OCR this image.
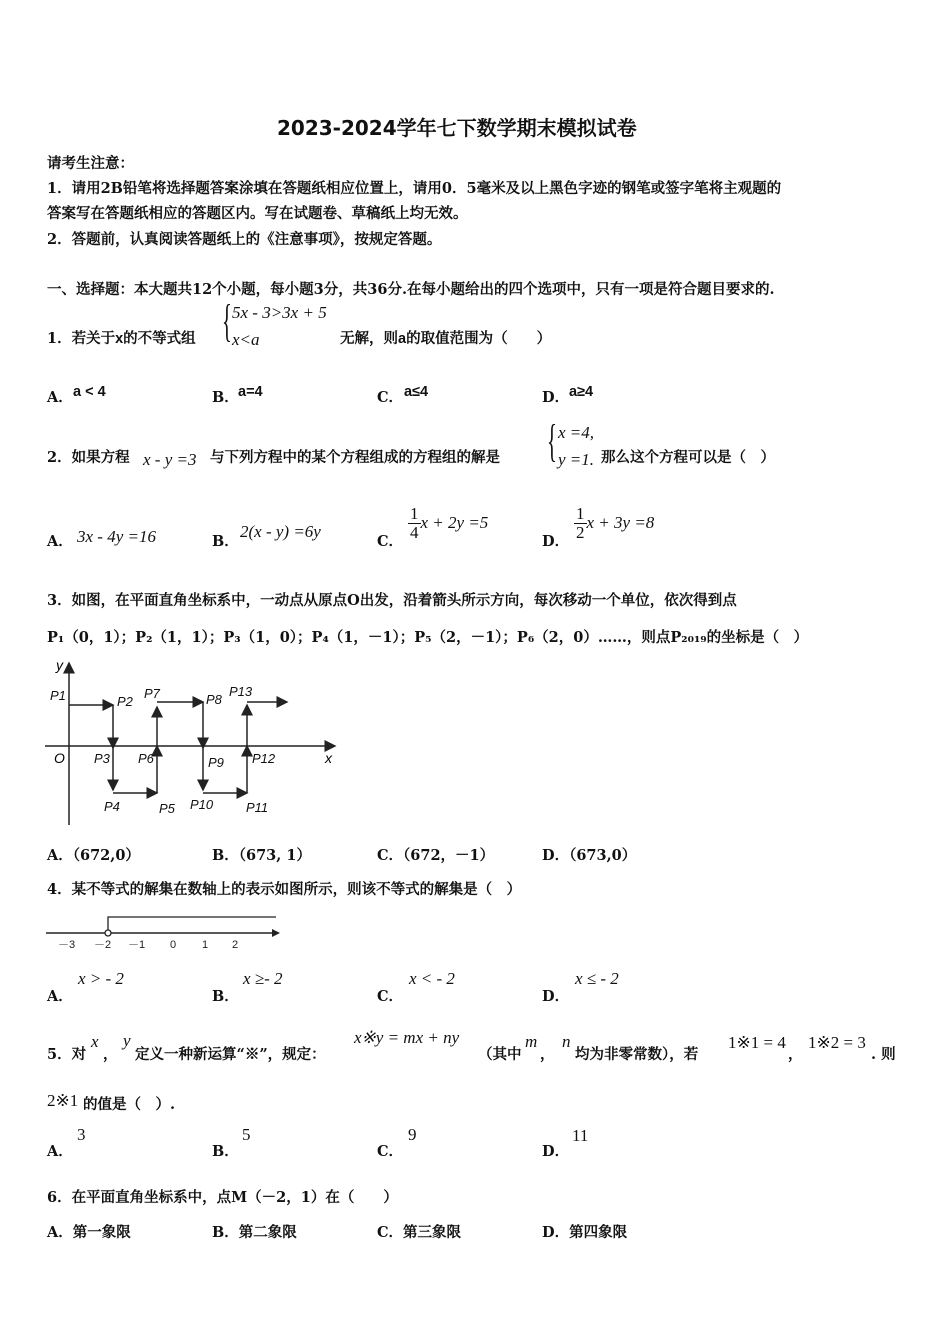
2023-2024学年七下数学期末模拟试卷
请考生注意：
1．请用2B铅笔将选择题答案涂填在答题纸相应位置上，请用0．5毫米及以上黑色字迹的钢笔或签字笔将主观题的
答案写在答题纸相应的答题区内。写在试题卷、草稿纸上均无效。
2．答题前，认真阅读答题纸上的《注意事项》，按规定答题。
一、选择题：本大题共12个小题，每小题3分，共36分.在每小题给出的四个选项中，只有一项是符合题目要求的.
1．若关于x的不等式组 { 5x - 3>3x + 5
x<a	无解，则a的取值范围为（　　）
A． a < 4	B． a=4	C． a≤4	D． a≥4
2．如果方程 x - y =3 与下列方程中的某个方程组成的方程组的解是 { x =4,
y =1. 那么这个方程可以是（　）
A． 3x - 4y =16	B．
2(x - y) =6y
C． $\frac{1}{4}$ x + 2y =5
D． $\frac{1}{2}$ x + 3y =8
3．如图，在平面直角坐标系中，一动点从原点O出发，沿着箭头所示方向，每次移动一个单位，依次得到点
P₁（0，1）；P₂（1，1）；P₃（1，0）；P₄（1，－1）；P₅（2，－1）；P₆（2，0）……，则点P₂₀₁₉的坐标是（　）
x
y
O
P1	P2
P7	P8
P13
P3 P6	P9 P12
P4	P5 P10	P11
A．（672,0）	B．（673, 1）	C．（672，－1）	D．（673,0）
4．某不等式的解集在数轴上的表示如图所示，则该不等式的解集是（　）
－3 －2 －1 0 1 2
A．
x > - 2
B．
x ≥- 2
C．
x < - 2
D．
x ≤ - 2
5．对
x
，
y
定义一种新运算“※”，规定：
x※y = mx + ny
（其中
m
，
n
均为非零常数），若
1※1 = 4
，
1※2 = 3
. 则
2※1 的值是（　）.
A．
3
B．
5
C．
9
D．
11
6．在平面直角坐标系中，点M（－2，1）在（　　）
A．第一象限	B．第二象限	C．第三象限	D．第四象限
